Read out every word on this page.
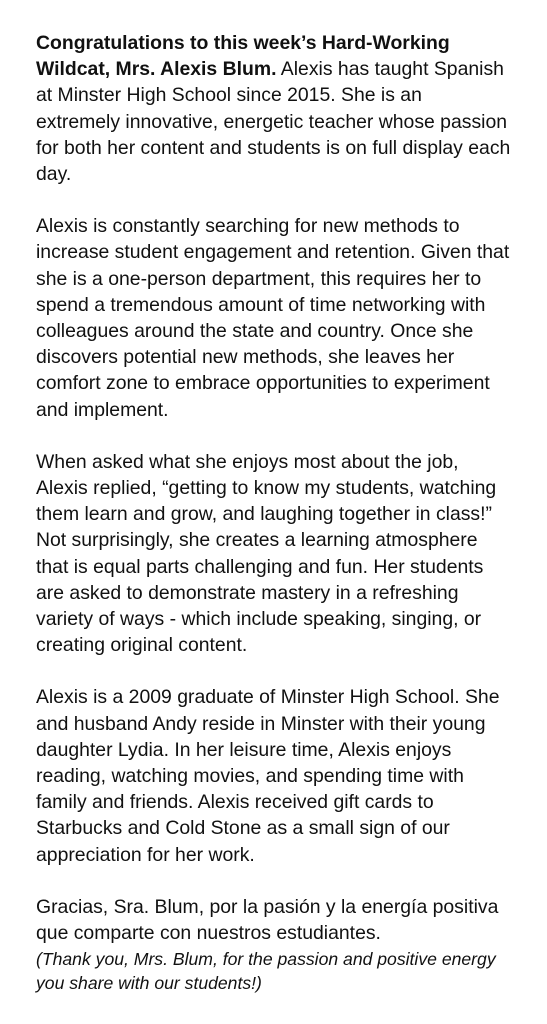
Congratulations to this week’s Hard-Working Wildcat, Mrs. Alexis Blum. Alexis has taught Spanish at Minster High School since 2015. She is an extremely innovative, energetic teacher whose passion for both her content and students is on full display each day.

Alexis is constantly searching for new methods to increase student engagement and retention. Given that she is a one-person department, this requires her to spend a tremendous amount of time networking with colleagues around the state and country. Once she discovers potential new methods, she leaves her comfort zone to embrace opportunities to experiment and implement.

When asked what she enjoys most about the job, Alexis replied, “getting to know my students, watching them learn and grow, and laughing together in class!” Not surprisingly, she creates a learning atmosphere that is equal parts challenging and fun. Her students are asked to demonstrate mastery in a refreshing variety of ways - which include speaking, singing, or creating original content.

Alexis is a 2009 graduate of Minster High School. She and husband Andy reside in Minster with their young daughter Lydia. In her leisure time, Alexis enjoys reading, watching movies, and spending time with family and friends. Alexis received gift cards to Starbucks and Cold Stone as a small sign of our appreciation for her work.

Gracias, Sra. Blum, por la pasión y la energía positiva que comparte con nuestros estudiantes.
(Thank you, Mrs. Blum, for the passion and positive energy you share with our students!)
